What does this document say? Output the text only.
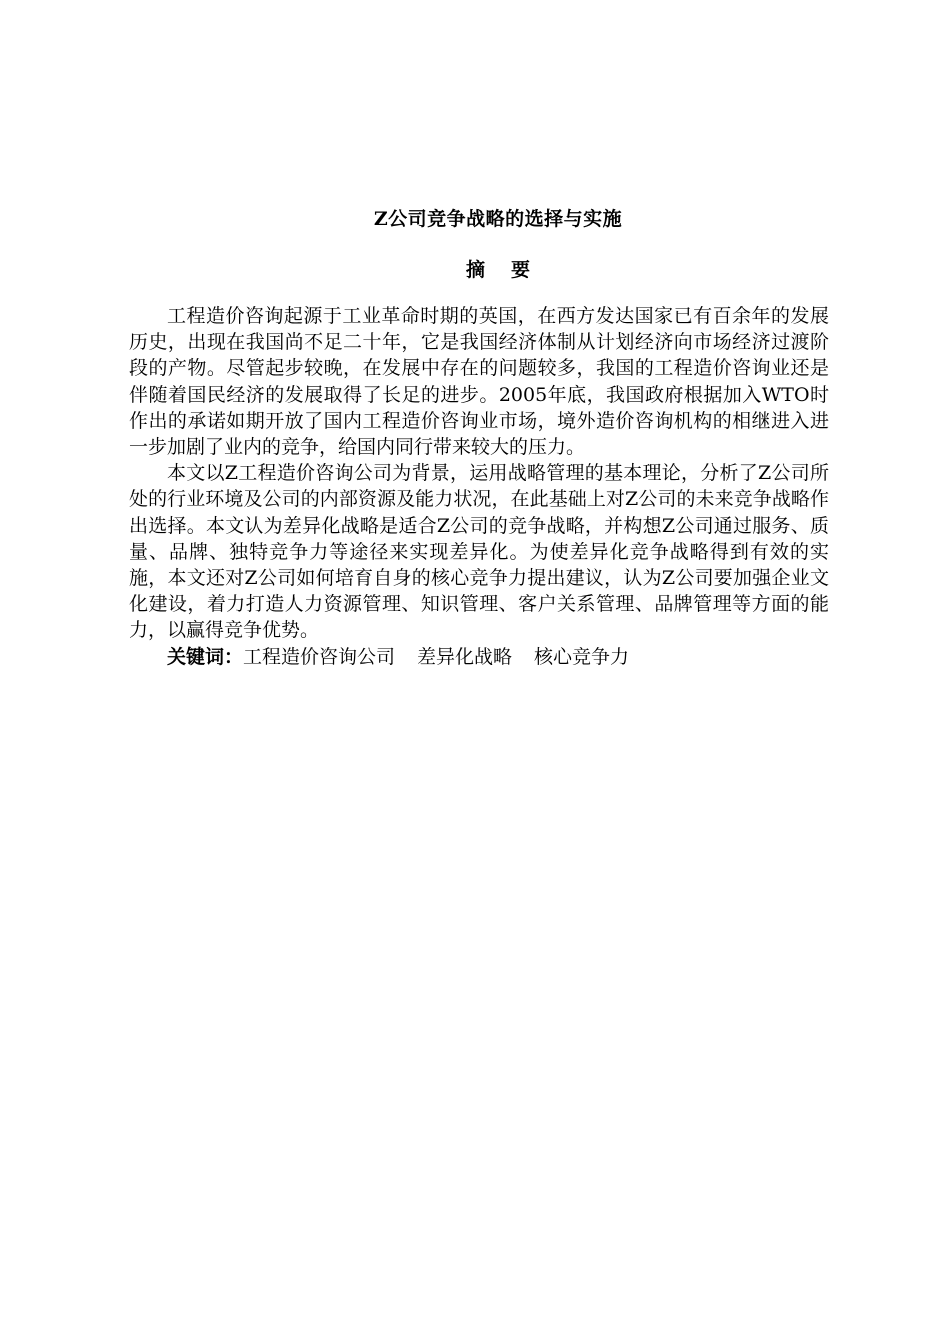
Z公司竞争战略的选择与实施
摘 要

工程造价咨询起源于工业革命时期的英国，在西方发达国家已有百余年的发展历史，出现在我国尚不足二十年，它是我国经济体制从计划经济向市场经济过渡阶段的产物。尽管起步较晚，在发展中存在的问题较多，我国的工程造价咨询业还是伴随着国民经济的发展取得了长足的进步。2005年底，我国政府根据加入WTO时作出的承诺如期开放了国内工程造价咨询业市场，境外造价咨询机构的相继进入进一步加剧了业内的竞争，给国内同行带来较大的压力。

本文以Z工程造价咨询公司为背景，运用战略管理的基本理论，分析了Z公司所处的行业环境及公司的内部资源及能力状况，在此基础上对Z公司的未来竞争战略作出选择。本文认为差异化战略是适合Z公司的竞争战略，并构想Z公司通过服务、质量、品牌、独特竞争力等途径来实现差异化。为使差异化竞争战略得到有效的实施，本文还对Z公司如何培育自身的核心竞争力提出建议，认为Z公司要加强企业文化建设，着力打造人力资源管理、知识管理、客户关系管理、品牌管理等方面的能力，以赢得竞争优势。

关键词：工程造价咨询公司 差异化战略 核心竞争力
